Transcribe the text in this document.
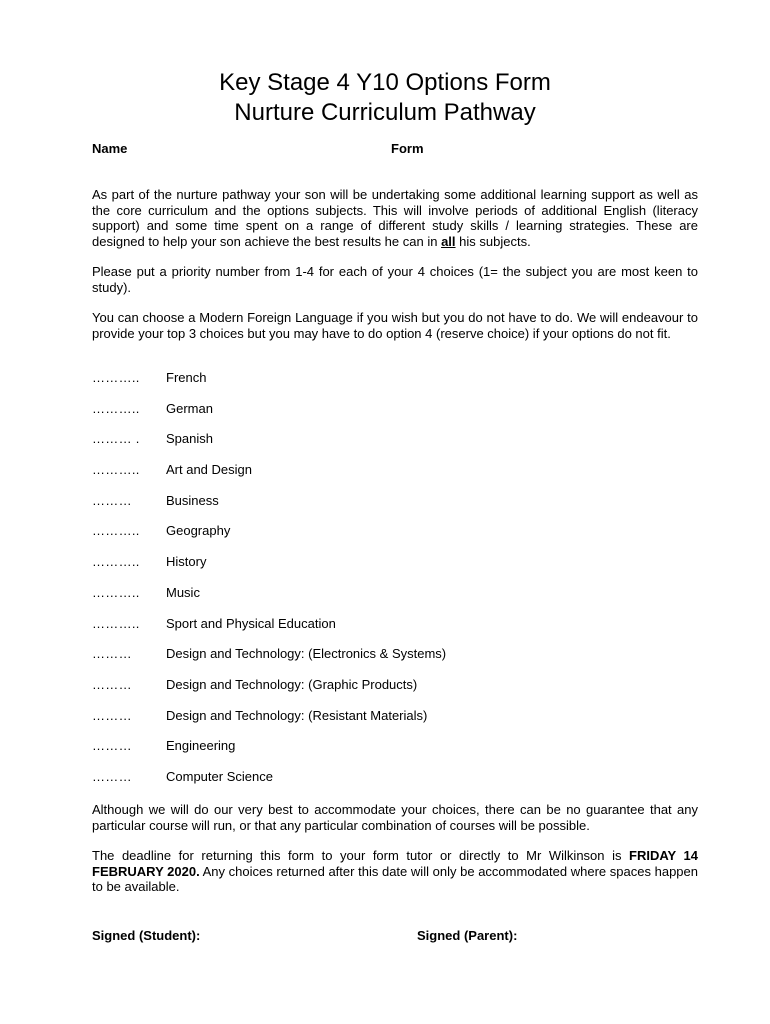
Key Stage 4 Y10 Options Form
Nurture Curriculum Pathway
Name	Form

As part of the nurture pathway your son will be undertaking some additional learning support as well as the core curriculum and the options subjects. This will involve periods of additional English (literacy support) and some time spent on a range of different study skills / learning strategies. These are designed to help your son achieve the best results he can in all his subjects.

Please put a priority number from 1-4 for each of your 4 choices (1= the subject you are most keen to study).

You can choose a Modern Foreign Language if you wish but you do not have to do. We will endeavour to provide your top 3 choices but you may have to do option 4 (reserve choice) if your options do not fit.

………..	French
………..	German
……… .	Spanish
………..	Art and Design
………	Business
………..	Geography
………..	History
………..	Music
………..	Sport and Physical Education
………	Design and Technology: (Electronics & Systems)
………	Design and Technology: (Graphic Products)
………	Design and Technology: (Resistant Materials)
………	Engineering
………	Computer Science

Although we will do our very best to accommodate your choices, there can be no guarantee that any particular course will run, or that any particular combination of courses will be possible.

The deadline for returning this form to your form tutor or directly to Mr Wilkinson is FRIDAY 14 FEBRUARY 2020. Any choices returned after this date will only be accommodated where spaces happen to be available.

Signed (Student):	Signed (Parent):
